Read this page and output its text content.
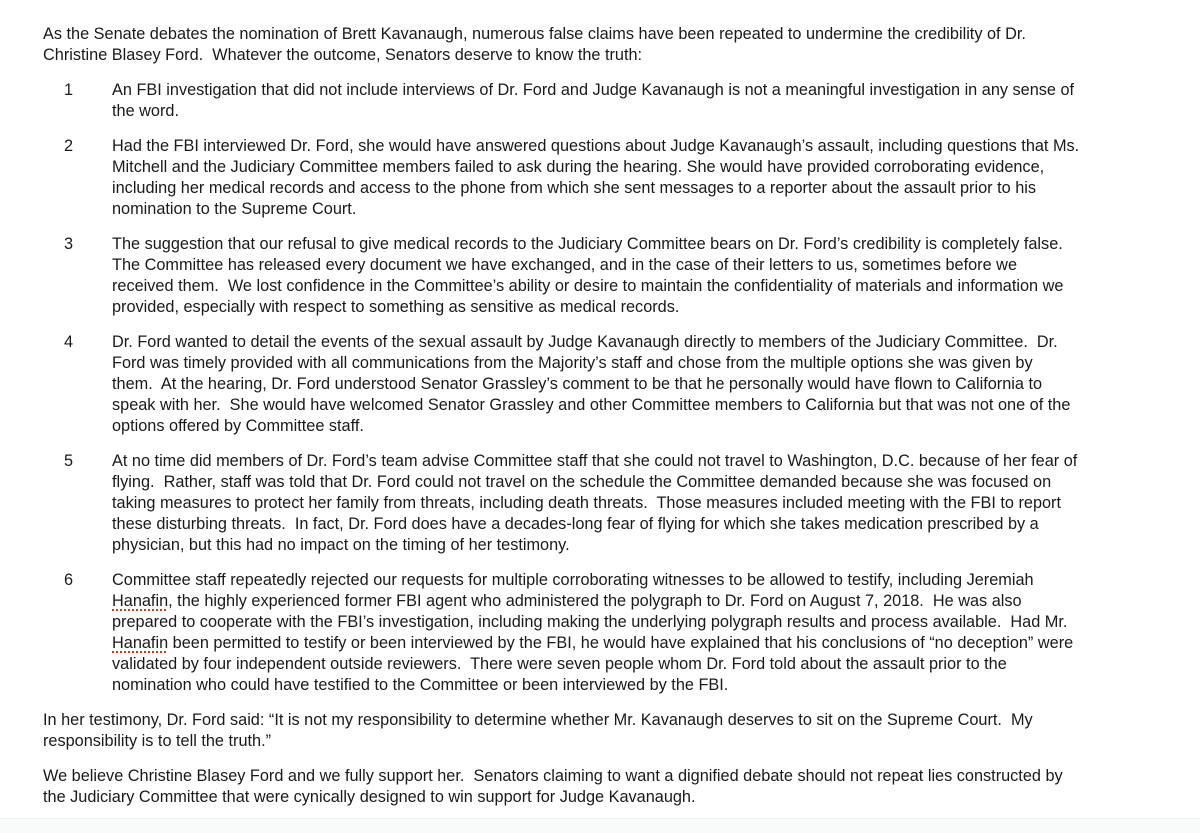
As the Senate debates the nomination of Brett Kavanaugh, numerous false claims have been repeated to undermine the credibility of Dr.
Christine Blasey Ford.  Whatever the outcome, Senators deserve to know the truth:
1	An FBI investigation that did not include interviews of Dr. Ford and Judge Kavanaugh is not a meaningful investigation in any sense of
the word.
2	Had the FBI interviewed Dr. Ford, she would have answered questions about Judge Kavanaugh’s assault, including questions that Ms.
Mitchell and the Judiciary Committee members failed to ask during the hearing. She would have provided corroborating evidence,
including her medical records and access to the phone from which she sent messages to a reporter about the assault prior to his
nomination to the Supreme Court.
3	The suggestion that our refusal to give medical records to the Judiciary Committee bears on Dr. Ford’s credibility is completely false.
The Committee has released every document we have exchanged, and in the case of their letters to us, sometimes before we
received them.  We lost confidence in the Committee’s ability or desire to maintain the confidentiality of materials and information we
provided, especially with respect to something as sensitive as medical records.
4	Dr. Ford wanted to detail the events of the sexual assault by Judge Kavanaugh directly to members of the Judiciary Committee.  Dr.
Ford was timely provided with all communications from the Majority’s staff and chose from the multiple options she was given by
them.  At the hearing, Dr. Ford understood Senator Grassley’s comment to be that he personally would have flown to California to
speak with her.  She would have welcomed Senator Grassley and other Committee members to California but that was not one of the
options offered by Committee staff.
5	At no time did members of Dr. Ford’s team advise Committee staff that she could not travel to Washington, D.C. because of her fear of
flying.  Rather, staff was told that Dr. Ford could not travel on the schedule the Committee demanded because she was focused on
taking measures to protect her family from threats, including death threats.  Those measures included meeting with the FBI to report
these disturbing threats.  In fact, Dr. Ford does have a decades-long fear of flying for which she takes medication prescribed by a
physician, but this had no impact on the timing of her testimony.
6	Committee staff repeatedly rejected our requests for multiple corroborating witnesses to be allowed to testify, including Jeremiah
Hanafin, the highly experienced former FBI agent who administered the polygraph to Dr. Ford on August 7, 2018.  He was also
prepared to cooperate with the FBI’s investigation, including making the underlying polygraph results and process available.  Had Mr.
Hanafin been permitted to testify or been interviewed by the FBI, he would have explained that his conclusions of “no deception” were
validated by four independent outside reviewers.  There were seven people whom Dr. Ford told about the assault prior to the
nomination who could have testified to the Committee or been interviewed by the FBI.
In her testimony, Dr. Ford said: “It is not my responsibility to determine whether Mr. Kavanaugh deserves to sit on the Supreme Court.  My
responsibility is to tell the truth.”
We believe Christine Blasey Ford and we fully support her.  Senators claiming to want a dignified debate should not repeat lies constructed by
the Judiciary Committee that were cynically designed to win support for Judge Kavanaugh.
